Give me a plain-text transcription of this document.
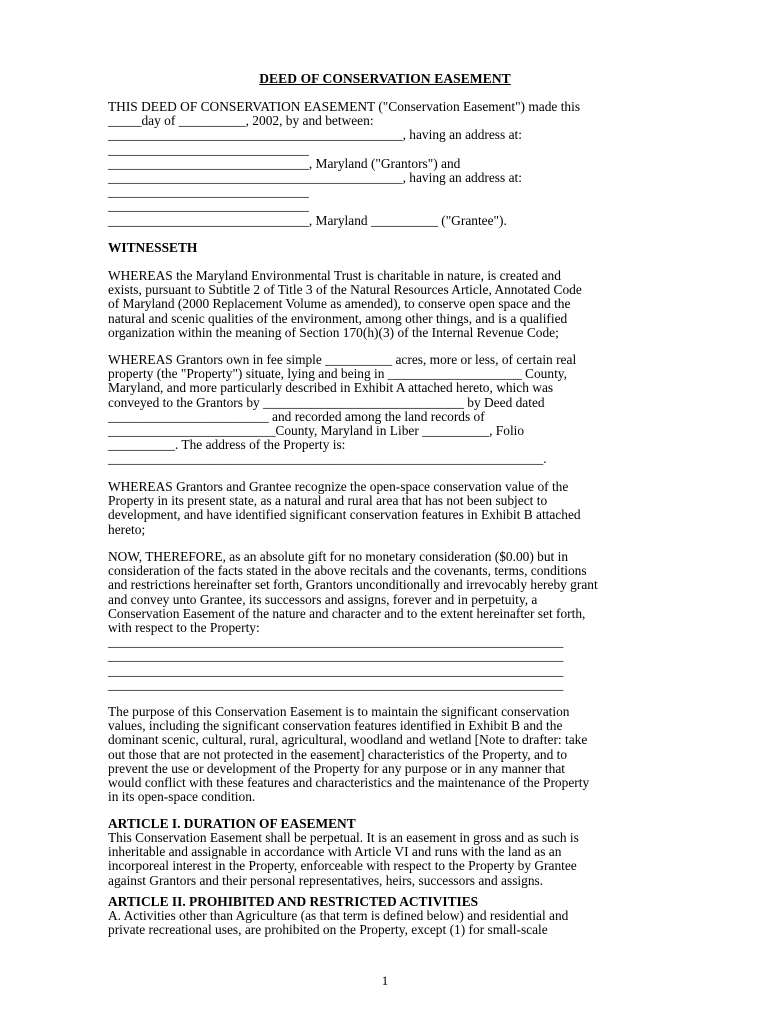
DEED OF CONSERVATION EASEMENT
THIS DEED OF CONSERVATION EASEMENT ("Conservation Easement") made this
_____day of __________, 2002, by and between:
____________________________________________, having an address at:
______________________________
______________________________, Maryland ("Grantors") and
____________________________________________, having an address at:
______________________________
______________________________
______________________________, Maryland __________ ("Grantee").
WITNESSETH
WHEREAS the Maryland Environmental Trust is charitable in nature, is created and
exists, pursuant to Subtitle 2 of Title 3 of the Natural Resources Article, Annotated Code
of Maryland (2000 Replacement Volume as amended), to conserve open space and the
natural and scenic qualities of the environment, among other things, and is a qualified
organization within the meaning of Section 170(h)(3) of the Internal Revenue Code;
WHEREAS Grantors own in fee simple __________ acres, more or less, of certain real
property (the "Property") situate, lying and being in ____________________ County,
Maryland, and more particularly described in Exhibit A attached hereto, which was
conveyed to the Grantors by ______________________________ by Deed dated
________________________ and recorded among the land records of
_________________________County, Maryland in Liber __________, Folio
__________. The address of the Property is:
_________________________________________________________________.
WHEREAS Grantors and Grantee recognize the open-space conservation value of the
Property in its present state, as a natural and rural area that has not been subject to
development, and have identified significant conservation features in Exhibit B attached
hereto;
NOW, THEREFORE, as an absolute gift for no monetary consideration ($0.00) but in
consideration of the facts stated in the above recitals and the covenants, terms, conditions
and restrictions hereinafter set forth, Grantors unconditionally and irrevocably hereby grant
and convey unto Grantee, its successors and assigns, forever and in perpetuity, a
Conservation Easement of the nature and character and to the extent hereinafter set forth,
with respect to the Property:
____________________________________________________________________
____________________________________________________________________
____________________________________________________________________
____________________________________________________________________
The purpose of this Conservation Easement is to maintain the significant conservation
values, including the significant conservation features identified in Exhibit B and the
dominant scenic, cultural, rural, agricultural, woodland and wetland [Note to drafter: take
out those that are not protected in the easement] characteristics of the Property, and to
prevent the use or development of the Property for any purpose or in any manner that
would conflict with these features and characteristics and the maintenance of the Property
in its open-space condition.
ARTICLE I. DURATION OF EASEMENT
This Conservation Easement shall be perpetual. It is an easement in gross and as such is
inheritable and assignable in accordance with Article VI and runs with the land as an
incorporeal interest in the Property, enforceable with respect to the Property by Grantee
against Grantors and their personal representatives, heirs, successors and assigns.
ARTICLE II. PROHIBITED AND RESTRICTED ACTIVITIES
A. Activities other than Agriculture (as that term is defined below) and residential and
private recreational uses, are prohibited on the Property, except (1) for small-scale
1
